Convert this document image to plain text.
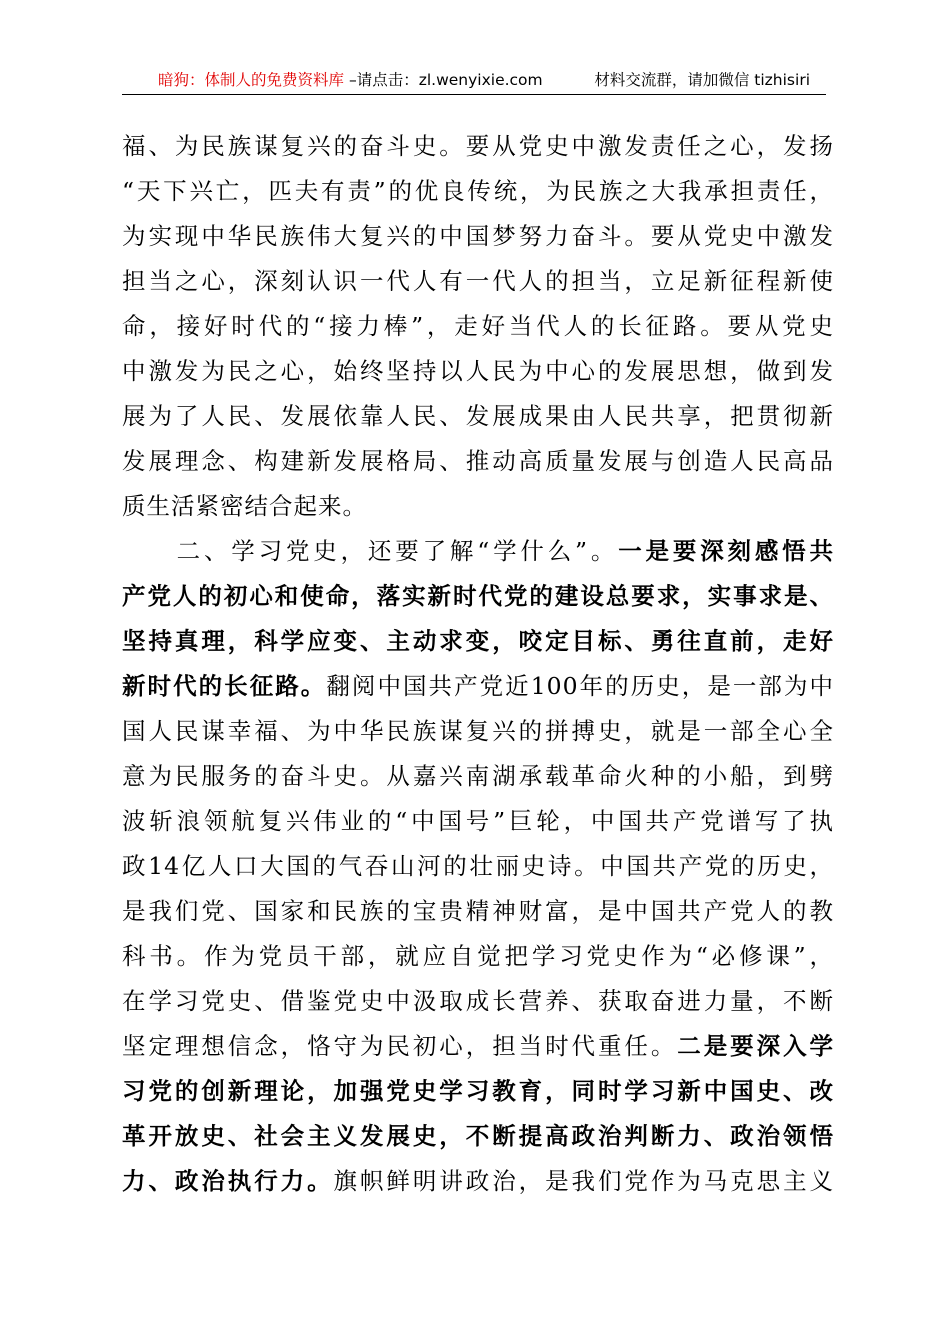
暗狗：体制人的免费资料库 –请点击：zl.wenyixie.com	材料交流群，请加微信 tizhisiri
福、为民族谋复兴的奋斗史。要从党史中激发责任之心，发扬
“天下兴亡，匹夫有责”的优良传统，为民族之大我承担责任，
为实现中华民族伟大复兴的中国梦努力奋斗。要从党史中激发
担当之心，深刻认识一代人有一代人的担当，立足新征程新使
命，接好时代的“接力棒”，走好当代人的长征路。要从党史
中激发为民之心，始终坚持以人民为中心的发展思想，做到发
展为了人民、发展依靠人民、发展成果由人民共享，把贯彻新
发展理念、构建新发展格局、推动高质量发展与创造人民高品
质生活紧密结合起来。
　　二、学习党史，还要了解“学什么”。一是要深刻感悟共
产党人的初心和使命，落实新时代党的建设总要求，实事求是、
坚持真理，科学应变、主动求变，咬定目标、勇往直前，走好
新时代的长征路。翻阅中国共产党近100年的历史，是一部为中
国人民谋幸福、为中华民族谋复兴的拼搏史，就是一部全心全
意为民服务的奋斗史。从嘉兴南湖承载革命火种的小船，到劈
波斩浪领航复兴伟业的“中国号”巨轮，中国共产党谱写了执
政14亿人口大国的气吞山河的壮丽史诗。中国共产党的历史，
是我们党、国家和民族的宝贵精神财富，是中国共产党人的教
科书。作为党员干部，就应自觉把学习党史作为“必修课”，
在学习党史、借鉴党史中汲取成长营养、获取奋进力量，不断
坚定理想信念，恪守为民初心，担当时代重任。二是要深入学
习党的创新理论，加强党史学习教育，同时学习新中国史、改
革开放史、社会主义发展史，不断提高政治判断力、政治领悟
力、政治执行力。旗帜鲜明讲政治，是我们党作为马克思主义
